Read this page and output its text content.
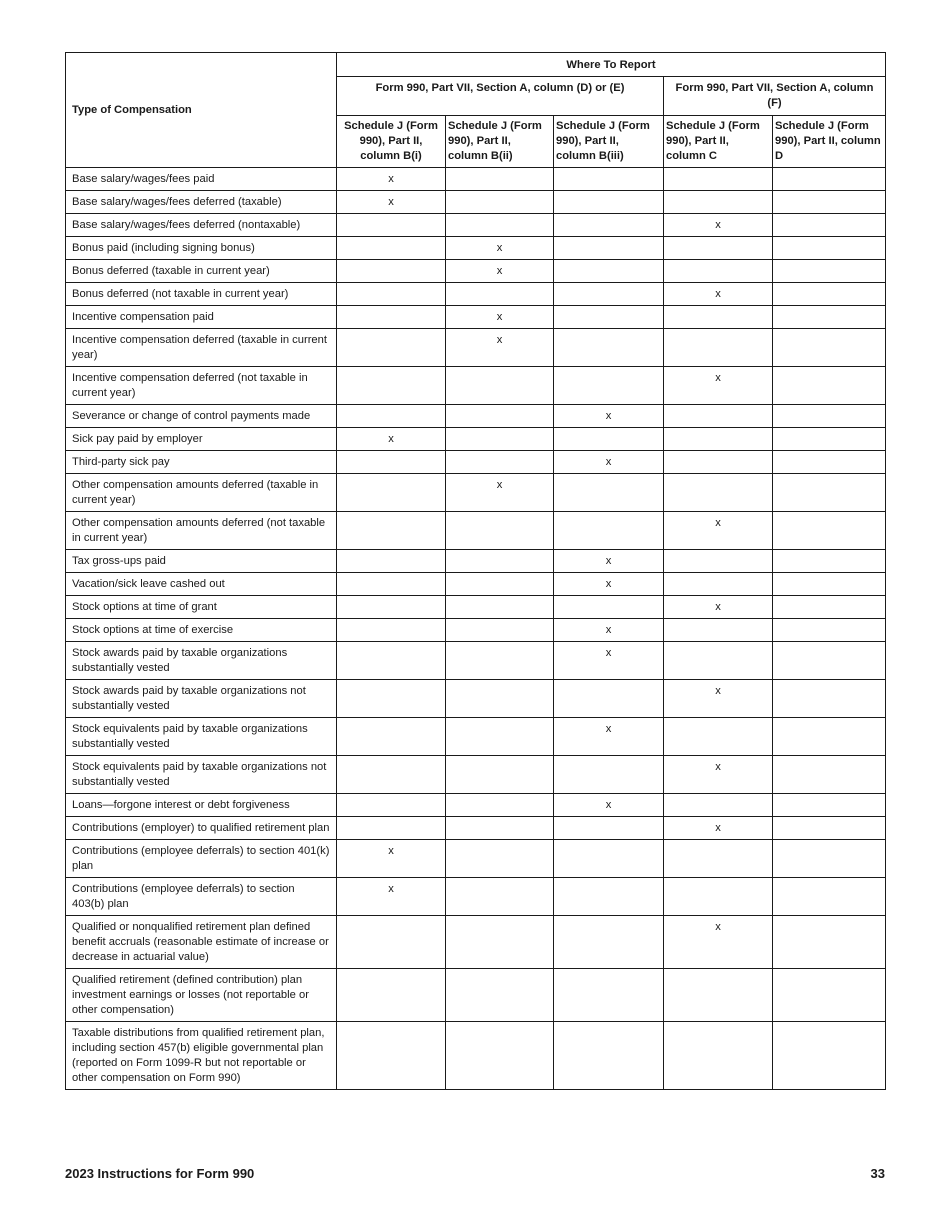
Type of Compensation	Where To Report				
	Form 990, Part VII, Section A, column (D) or (E)			Form 990, Part VII, Section A, column (F)	
	Schedule J (Form 990), Part II, column B(i)	Schedule J (Form 990), Part II, column B(ii)	Schedule J (Form 990), Part II, column B(iii)	Schedule J (Form 990), Part II, column C	Schedule J (Form 990), Part II, column D
Base salary/wages/fees paid	x				
Base salary/wages/fees deferred (taxable)	x				
Base salary/wages/fees deferred (nontaxable)				x	
Bonus paid (including signing bonus)		x			
Bonus deferred (taxable in current year)		x			
Bonus deferred (not taxable in current year)				x	
Incentive compensation paid		x			
Incentive compensation deferred (taxable in current year)		x			
Incentive compensation deferred (not taxable in current year)				x	
Severance or change of control payments made			x		
Sick pay paid by employer	x				
Third-party sick pay			x		
Other compensation amounts deferred (taxable in current year)		x			
Other compensation amounts deferred (not taxable in current year)				x	
Tax gross-ups paid			x		
Vacation/sick leave cashed out			x		
Stock options at time of grant				x	
Stock options at time of exercise			x		
Stock awards paid by taxable organizations substantially vested			x		
Stock awards paid by taxable organizations not substantially vested				x	
Stock equivalents paid by taxable organizations substantially vested			x		
Stock equivalents paid by taxable organizations not substantially vested				x	
Loans—forgone interest or debt forgiveness			x		
Contributions (employer) to qualified retirement plan				x	
Contributions (employee deferrals) to section 401(k) plan	x				
Contributions (employee deferrals) to section 403(b) plan	x				
Qualified or nonqualified retirement plan defined benefit accruals (reasonable estimate of increase or decrease in actuarial value)				x	
Qualified retirement (defined contribution) plan investment earnings or losses (not reportable or other compensation)					
Taxable distributions from qualified retirement plan, including section 457(b) eligible governmental plan (reported on Form 1099-R but not reportable or other compensation on Form 990)					
2023 Instructions for Form 990	33
